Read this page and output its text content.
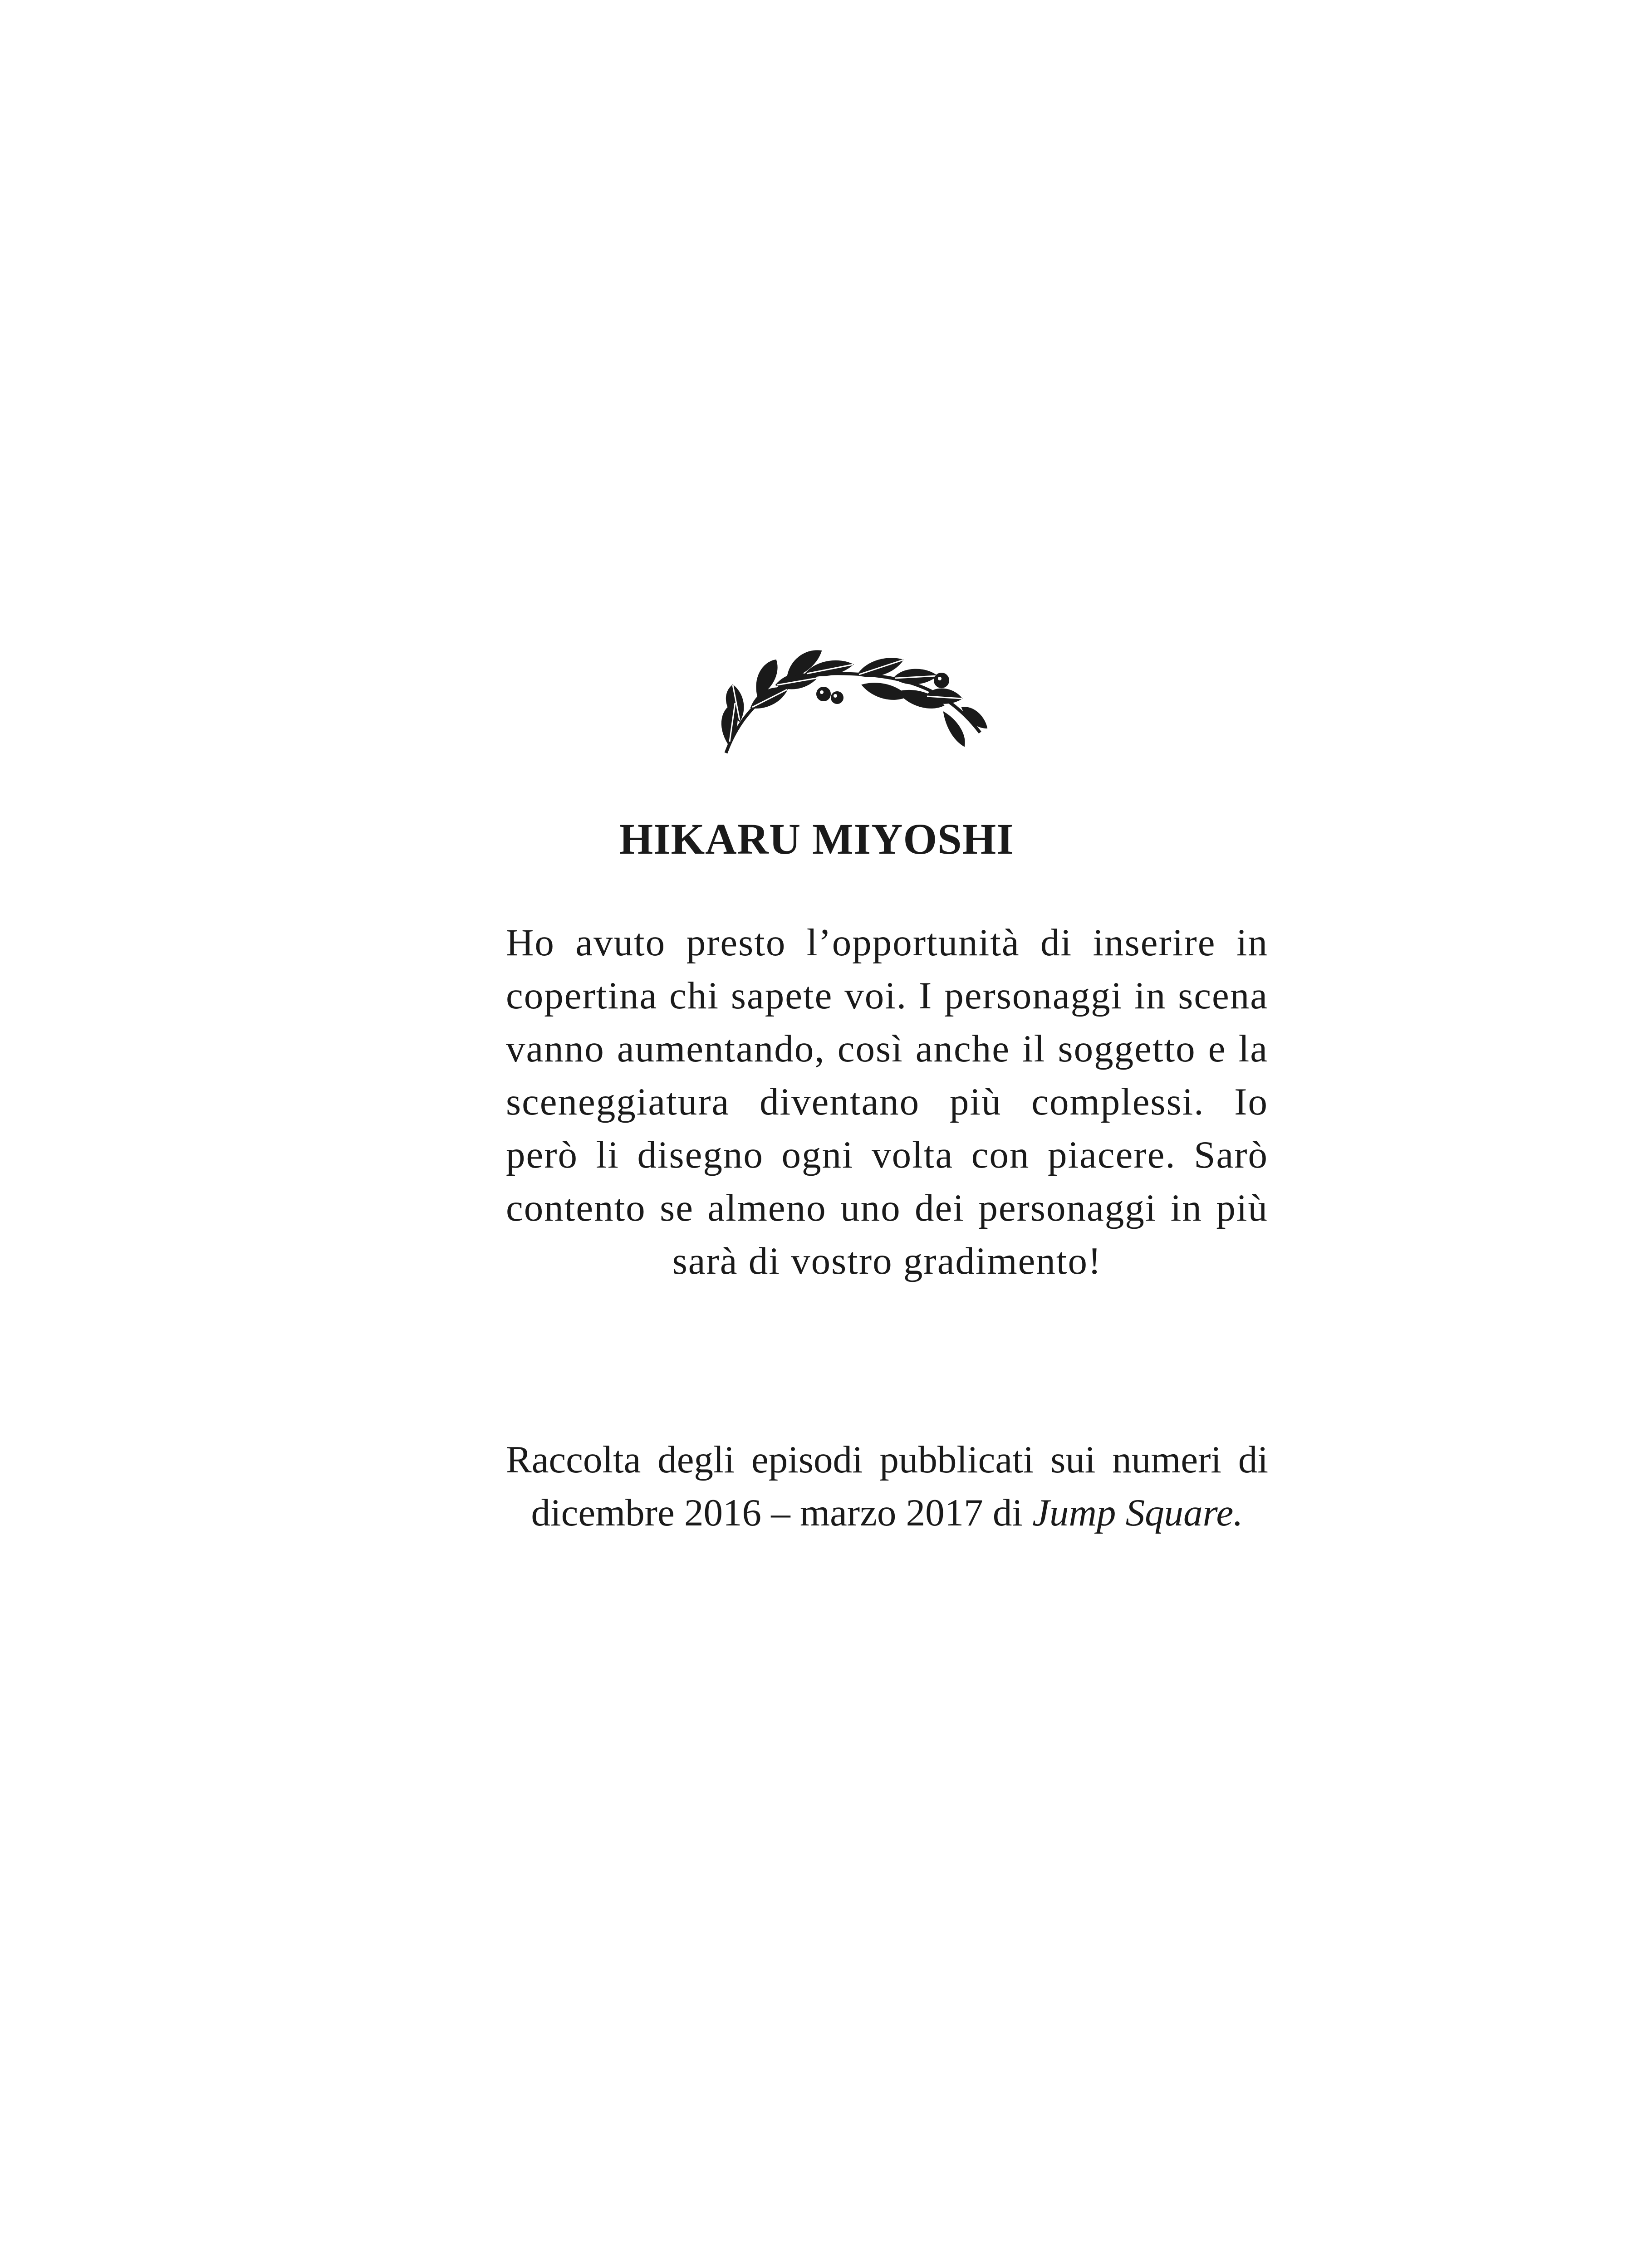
HIKARU MIYOSHI
Ho avuto presto l’opportunità di inserire in copertina chi sapete voi. I personaggi in scena vanno aumentando, così anche il soggetto e la sceneggiatura diventano più complessi. Io però li disegno ogni volta con piacere. Sarò contento se almeno uno dei personaggi in più sarà di vostro gradimento!
Raccolta degli episodi pubblicati sui numeri di dicembre 2016 – marzo 2017 di Jump Square.
